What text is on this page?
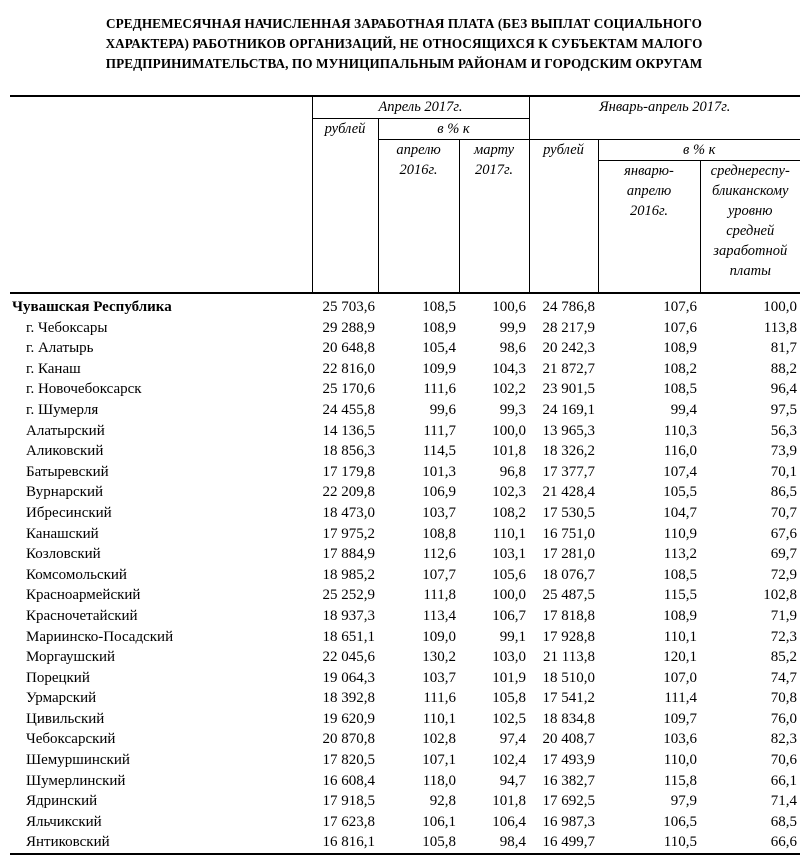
СРЕДНЕМЕСЯЧНАЯ НАЧИСЛЕННАЯ ЗАРАБОТНАЯ ПЛАТА (БЕЗ ВЫПЛАТ СОЦИАЛЬНОГО
ХАРАКТЕРА) РАБОТНИКОВ ОРГАНИЗАЦИЙ, НЕ ОТНОСЯЩИХСЯ К СУБЪЕКТАМ МАЛОГО
ПРЕДПРИНИМАТЕЛЬСТВА, ПО МУНИЦИПАЛЬНЫМ РАЙОНАМ И ГОРОДСКИМ ОКРУГАМ
	Апрель 2017г.			Январь-апрель 2017г.		
	рублей	в % к				
		апрелю 2016г.	марту 2017г.	рублей	в % к	
					январю-апрелю 2016г.	среднереспу-бликанскому уровню средней заработной платы
Чувашская Республика	25 703,6	108,5	100,6	24 786,8	107,6	100,0
г. Чебоксары	29 288,9	108,9	99,9	28 217,9	107,6	113,8
г. Алатырь	20 648,8	105,4	98,6	20 242,3	108,9	81,7
г. Канаш	22 816,0	109,9	104,3	21 872,7	108,2	88,2
г. Новочебоксарск	25 170,6	111,6	102,2	23 901,5	108,5	96,4
г. Шумерля	24 455,8	99,6	99,3	24 169,1	99,4	97,5
Алатырский	14 136,5	111,7	100,0	13 965,3	110,3	56,3
Аликовский	18 856,3	114,5	101,8	18 326,2	116,0	73,9
Батыревский	17 179,8	101,3	96,8	17 377,7	107,4	70,1
Вурнарский	22 209,8	106,9	102,3	21 428,4	105,5	86,5
Ибресинский	18 473,0	103,7	108,2	17 530,5	104,7	70,7
Канашский	17 975,2	108,8	110,1	16 751,0	110,9	67,6
Козловский	17 884,9	112,6	103,1	17 281,0	113,2	69,7
Комсомольский	18 985,2	107,7	105,6	18 076,7	108,5	72,9
Красноармейский	25 252,9	111,8	100,0	25 487,5	115,5	102,8
Красночетайский	18 937,3	113,4	106,7	17 818,8	108,9	71,9
Мариинско-Посадский	18 651,1	109,0	99,1	17 928,8	110,1	72,3
Моргаушский	22 045,6	130,2	103,0	21 113,8	120,1	85,2
Порецкий	19 064,3	103,7	101,9	18 510,0	107,0	74,7
Урмарский	18 392,8	111,6	105,8	17 541,2	111,4	70,8
Цивильский	19 620,9	110,1	102,5	18 834,8	109,7	76,0
Чебоксарский	20 870,8	102,8	97,4	20 408,7	103,6	82,3
Шемуршинский	17 820,5	107,1	102,4	17 493,9	110,0	70,6
Шумерлинский	16 608,4	118,0	94,7	16 382,7	115,8	66,1
Ядринский	17 918,5	92,8	101,8	17 692,5	97,9	71,4
Яльчикский	17 623,8	106,1	106,4	16 987,3	106,5	68,5
Янтиковский	16 816,1	105,8	98,4	16 499,7	110,5	66,6
